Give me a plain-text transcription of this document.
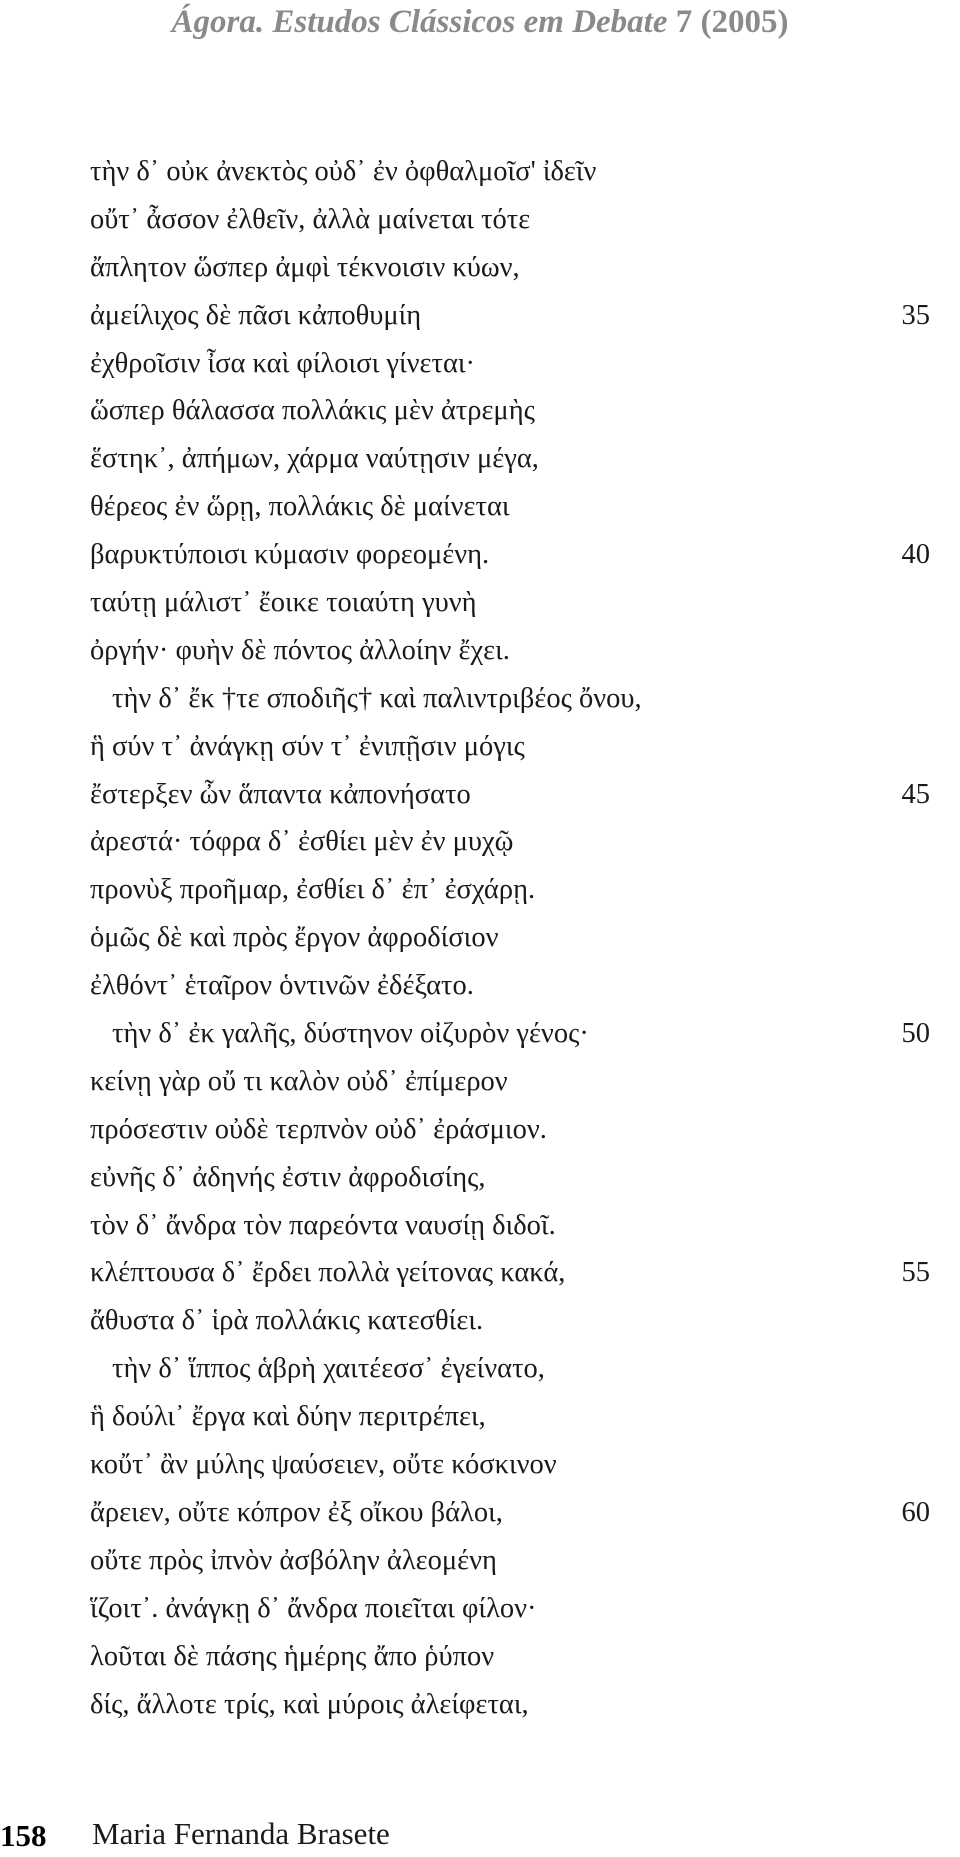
Ágora. Estudos Clássicos em Debate 7 (2005)
τὴν δ᾽ οὐκ ἀνεκτὸς οὐδ᾽ ἐν ὀφθαλμοῖσ' ἰδεῖν
οὔτ᾽ ἆσσον ἐλθεῖν, ἀλλὰ μαίνεται τότε
ἄπλητον ὥσπερ ἀμφὶ τέκνοισιν κύων,
ἀμείλιχος δὲ πᾶσι κἀποθυμίη	35
ἐχθροῖσιν ἶσα καὶ φίλοισι γίνεται·
ὥσπερ θάλασσα πολλάκις μὲν ἀτρεμὴς
ἕστηκ᾽, ἀπήμων, χάρμα ναύτῃσιν μέγα,
θέρεος ἐν ὥρῃ, πολλάκις δὲ μαίνεται
βαρυκτύποισι κύμασιν φορεομένη.	40
ταύτῃ μάλιστ᾽ ἔοικε τοιαύτη γυνὴ
ὀργήν· φυὴν δὲ πόντος ἀλλοίην ἔχει.
τὴν δ᾽ ἔκ †τε σποδιῆς† καὶ παλιντριβέος ὄνου,
ἣ σύν τ᾽ ἀνάγκῃ σύν τ᾽ ἐνιπῇσιν μόγις
ἔστερξεν ὦν ἅπαντα κἀπονήσατο	45
ἀρεστά· τόφρα δ᾽ ἐσθίει μὲν ἐν μυχῷ
προνὺξ προῆμαρ, ἐσθίει δ᾽ ἐπ᾽ ἐσχάρῃ.
ὁμῶς δὲ καὶ πρὸς ἔργον ἀφροδίσιον
ἐλθόντ᾽ ἑταῖρον ὁντινῶν ἐδέξατο.
τὴν δ᾽ ἐκ γαλῆς, δύστηνον οἰζυρὸν γένος·	50
κείνῃ γὰρ οὔ τι καλὸν οὐδ᾽ ἐπίμερον
πρόσεστιν οὐδὲ τερπνὸν οὐδ᾽ ἐράσμιον.
εὐνῆς δ᾽ ἀδηνής ἐστιν ἀφροδισίης,
τὸν δ᾽ ἄνδρα τὸν παρεόντα ναυσίῃ διδοῖ.
κλέπτουσα δ᾽ ἔρδει πολλὰ γείτονας κακά,	55
ἄθυστα δ᾽ ἱρὰ πολλάκις κατεσθίει.
τὴν δ᾽ ἵππος ἁβρὴ χαιτέεσσ᾽ ἐγείνατο,
ἣ δούλι᾽ ἔργα καὶ δύην περιτρέπει,
κοὔτ᾽ ἂν μύλης ψαύσειεν, οὔτε κόσκινον
ἄρειεν, οὔτε κόπρον ἐξ οἴκου βάλοι,	60
οὔτε πρὸς ἰπνὸν ἀσβόλην ἀλεομένη
ἵζοιτ᾽. ἀνάγκῃ δ᾽ ἄνδρα ποιεῖται φίλον·
λοῦται δὲ πάσης ἡμέρης ἄπο ῥύπον
δίς, ἄλλοτε τρίς, καὶ μύροις ἀλείφεται,
158 Maria Fernanda Brasete
